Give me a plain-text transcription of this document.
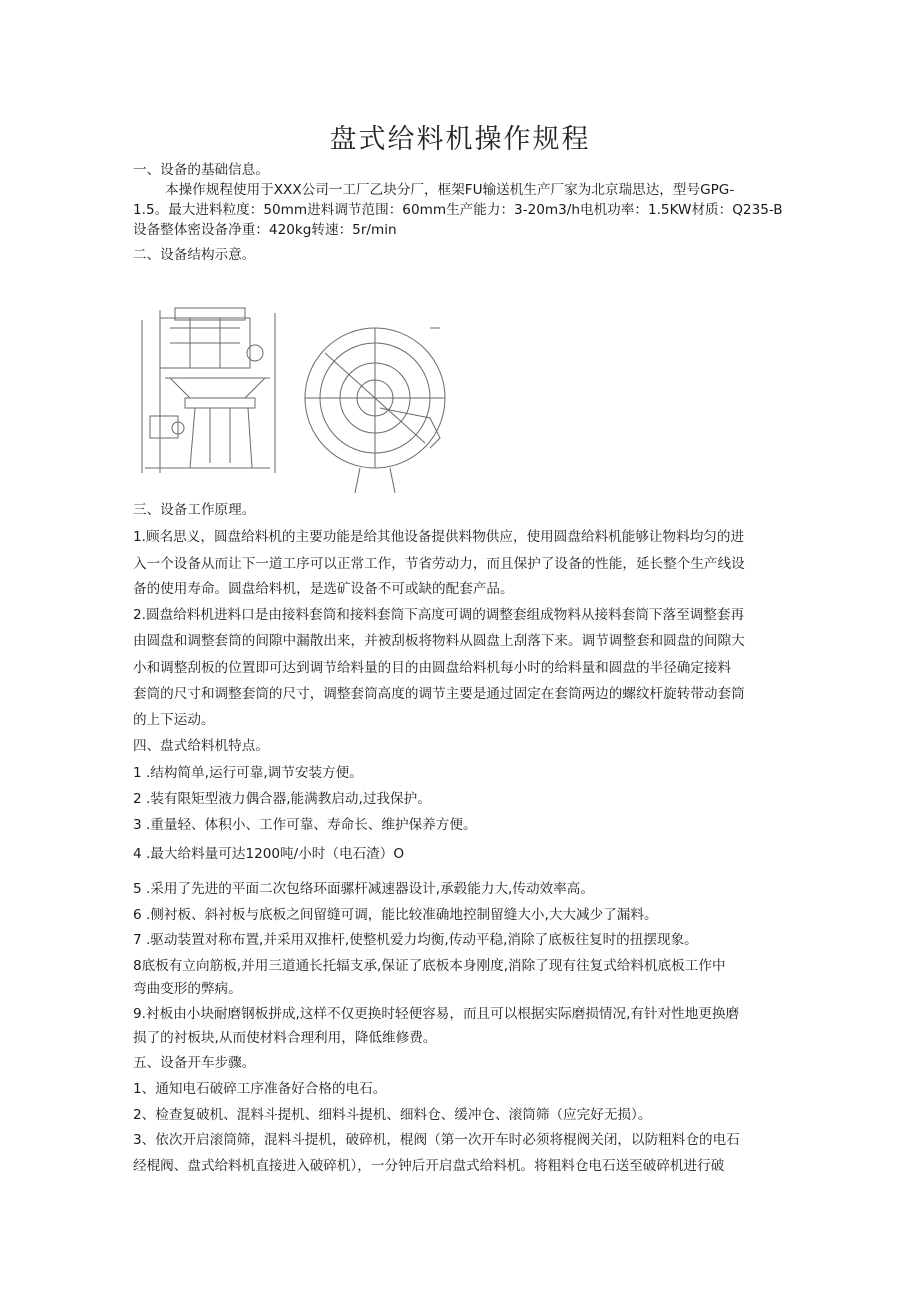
盘式给料机操作规程
一、设备的基础信息。
本操作规程使用于XXX公司一工厂乙块分厂，框架FU输送机生产厂家为北京瑞思达，型号GPG-
1.5。最大进料粒度：50mm进料调节范围：60mm生产能力：3-20m3/h电机功率：1.5KW材质：Q235-B
设备整体密设备净重：420kg转速：5r/min
二、设备结构示意。
三、设备工作原理。
1.顾名思义，圆盘给料机的主要功能是给其他设备提供料物供应，使用圆盘给料机能够让物料均匀的进
入一个设备从而让下一道工序可以正常工作，节省劳动力，而且保护了设备的性能，延长整个生产线设
备的使用寿命。圆盘给料机，是选矿设备不可或缺的配套产品。
2.圆盘给料机进料口是由接料套筒和接料套筒下高度可调的调整套组成物料从接料套筒下落至调整套再
由圆盘和调整套筒的间隙中漏散出来，并被刮板将物料从圆盘上刮落下来。调节调整套和圆盘的间隙大
小和调整刮板的位置即可达到调节给料量的目的由圆盘给料机每小时的给料量和圆盘的半径确定接料
套筒的尺寸和调整套筒的尺寸，调整套筒高度的调节主要是通过固定在套筒两边的螺纹杆旋转带动套筒
的上下运动。
四、盘式给料机特点。
1 .结构简单,运行可靠,调节安装方便。
2 .装有限矩型液力偶合器,能满教启动,过我保护。
3 .重量轻、体积小、工作可靠、寿命长、维护保养方便。
4 .最大给料量可达1200吨/小时（电石渣）O
5 .采用了先进的平面二次包络环面骡杆减速器设计,承毂能力大,传动效率高。
6 .侧衬板、斜衬板与底板之间留缝可调，能比较准确地控制留缝大小,大大减少了漏料。
7 .驱动装置对称布置,并采用双推杆,使整机爱力均衡,传动平稳,消除了底板往复时的扭摆现象。
8底板有立向筋板,并用三道通长托辐支承,保证了底板本身刚度,消除了现有往复式给料机底板工作中
弯曲变形的弊病。
9.衬板由小块耐磨钢板拼成,这样不仅更换时轻便容易，而且可以根据实际磨损情况,有针对性地更换磨
损了的衬板块,从而使材料合理利用，降低维修费。
五、设备开车步骤。
1、通知电石破碎工序准备好合格的电石。
2、检查复破机、混料斗提机、细料斗提机、细料仓、缓冲仓、滚筒筛（应完好无损）。
3、依次开启滚筒筛，混料斗提机，破碎机，棍阀（第一次开车时必须将棍阀关闭，以防粗料仓的电石
经棍阀、盘式给料机直接进入破碎机），一分钟后开启盘式给料机。将粗料仓电石送至破碎机进行破
